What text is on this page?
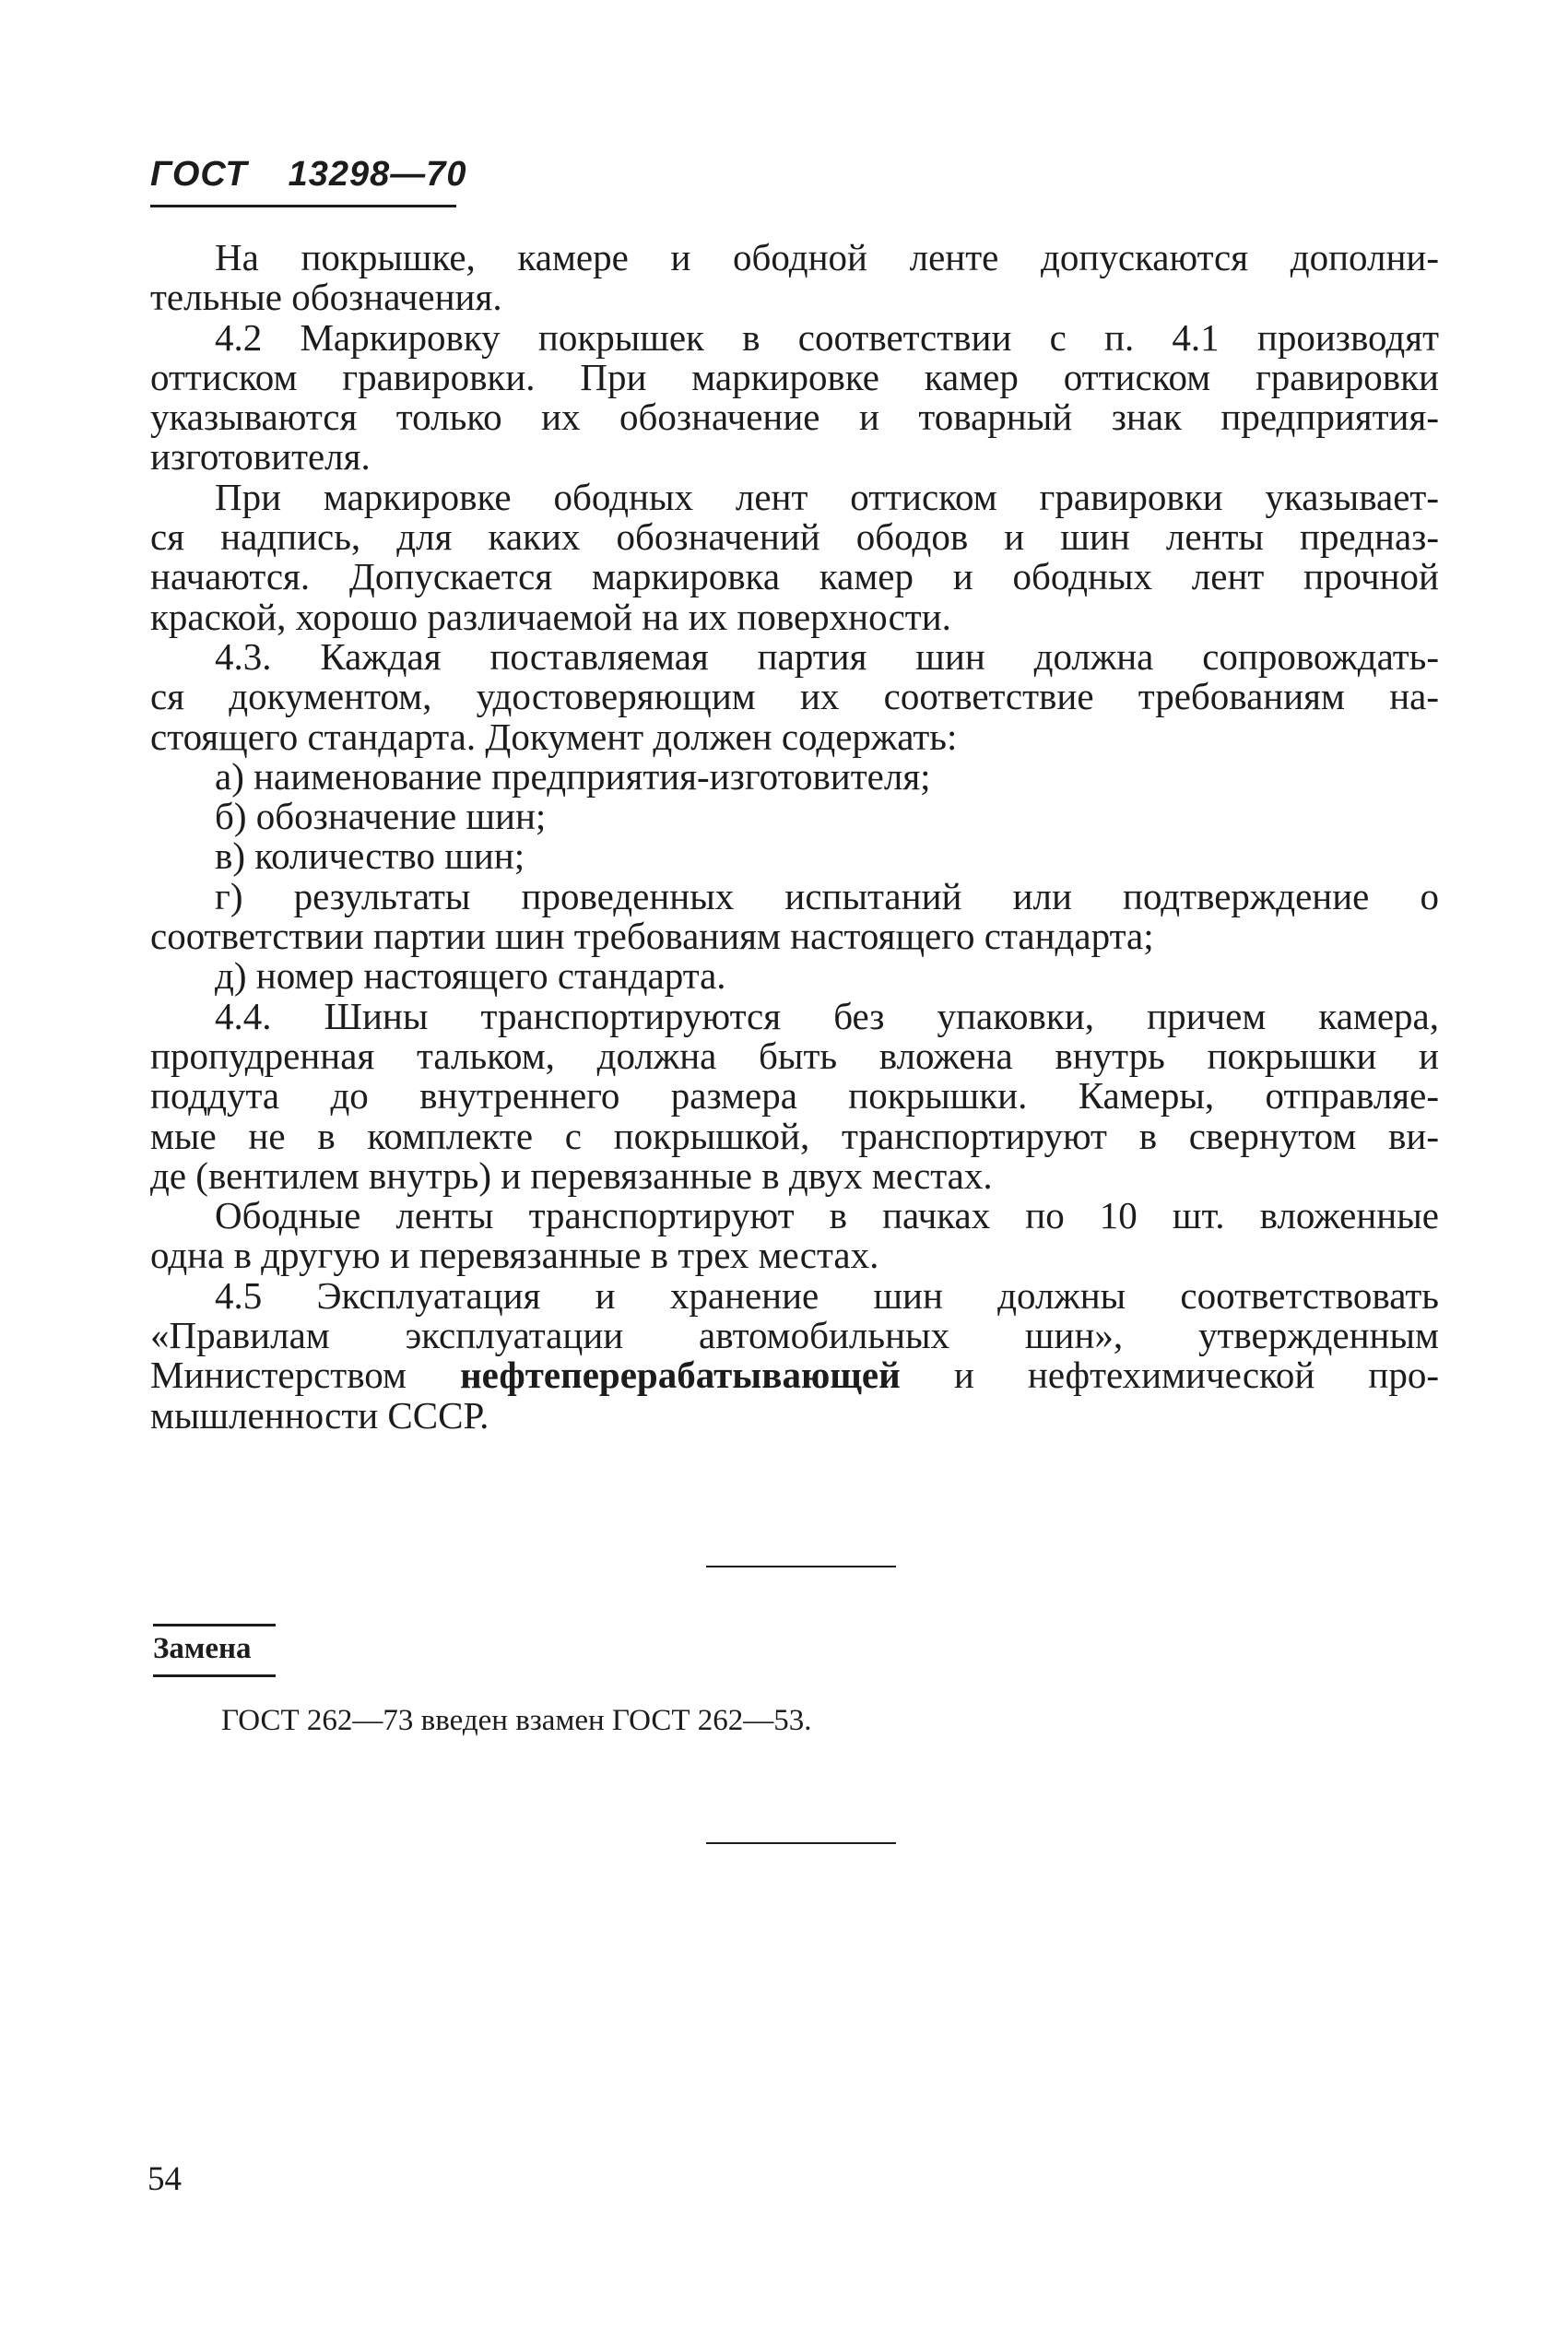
ГОСТ 13298—70
На покрышке, камере и ободной ленте допускаются дополни-
тельные обозначения.
4.2 Маркировку покрышек в соответствии с п. 4.1 производят
оттиском гравировки. При маркировке камер оттиском гравировки
указываются только их обозначение и товарный знак предприятия-
изготовителя.
При маркировке ободных лент оттиском гравировки указывает-
ся надпись, для каких обозначений ободов и шин ленты предназ-
начаются. Допускается маркировка камер и ободных лент прочной
краской, хорошо различаемой на их поверхности.
4.3. Каждая поставляемая партия шин должна сопровождать-
ся документом, удостоверяющим их соответствие требованиям на-
стоящего стандарта. Документ должен содержать:
а) наименование предприятия-изготовителя;
б) обозначение шин;
в) количество шин;
г) результаты проведенных испытаний или подтверждение о
соответствии партии шин требованиям настоящего стандарта;
д) номер настоящего стандарта.
4.4. Шины транспортируются без упаковки, причем камера,
пропудренная тальком, должна быть вложена внутрь покрышки и
поддута до внутреннего размера покрышки. Камеры, отправляе-
мые не в комплекте с покрышкой, транспортируют в свернутом ви-
де (вентилем внутрь) и перевязанные в двух местах.
Ободные ленты транспортируют в пачках по 10 шт. вложенные
одна в другую и перевязанные в трех местах.
4.5 Эксплуатация и хранение шин должны соответствовать
«Правилам эксплуатации автомобильных шин», утвержденным
Министерством нефтеперерабатывающей и нефтехимической про-
мышленности СССР.
Замена
ГОСТ 262—73 введен взамен ГОСТ 262—53.
54
